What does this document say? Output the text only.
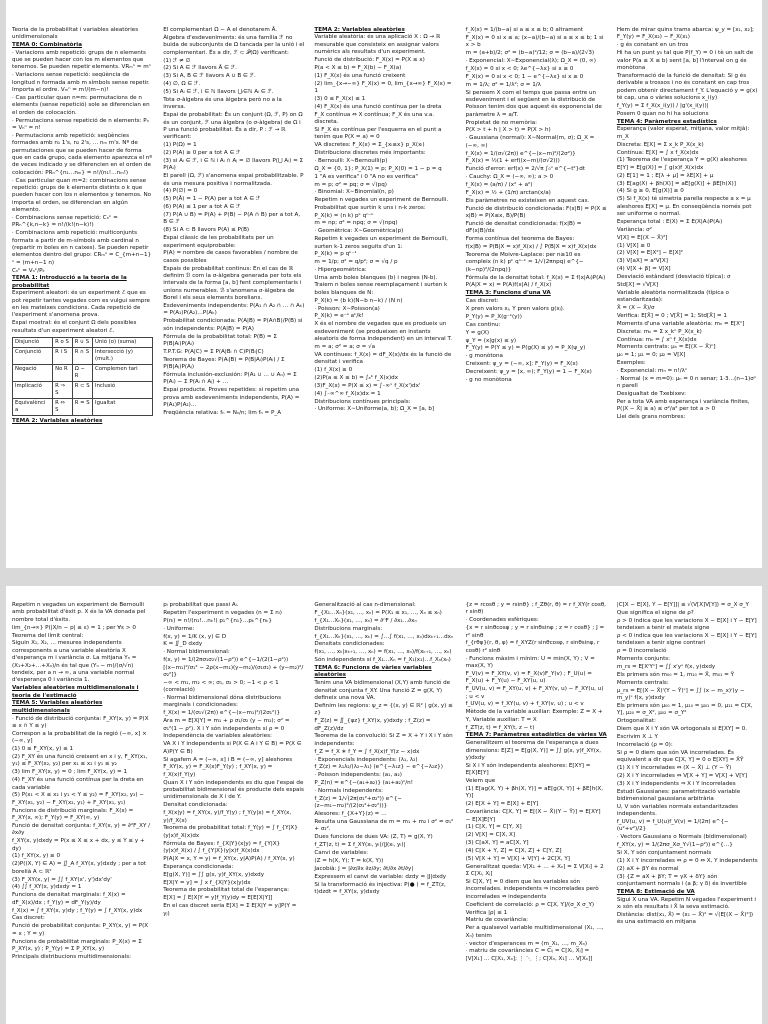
Teoria de la probabilitat i variables aleatòries unidimensionals

TEMA 0: Combinatòria

· Variacions amb repetició: grups de n elements que se pueden hacer con los m elementos que tenemos. Se pueden repetir elements. VRₘⁿ = mⁿ

· Variacions sense repetició: seqüència de longitud n formada amb m símbols sense repetir. Importa el ordre. Vₘⁿ = m!/(m−n)!

· Cas particular quan n=m: permutacions de n elements (sense repetició) sole se diferencian en el orden de colocación.

· Permutacions sense repetició de n elements: Pₙ = Vₙⁿ = n!

· Permutacions amb repetició: seqüències formades amb n₁ 1's, n₂ 2's, … nₘ m's. Nº de permutaciones que se pueden hacer de forma que en cada grupo, cada elemento aparezca el nº de veces indicado y se diferencien en el orden de colocación: PRₙ^{n₁…nₘ} = n!/(n₁!…nₘ!)

· Cas particular quan m=2: combinacions sense repetició: grups de k elements distints o k que pueden hacer con los n elementos y tenemos. No importa el orden, se diferencian en algún elemento.

· Combinacions sense repetició: Cₙᵏ = PRₙ^{k,n−k} = n!/(k!(n−k)!)

· Combinacions amb repetició: multiconjunts formats a partir de m-símbols amb cardinal n (repartir m boles en n caixes). Se pueden repetir elementos dentro del grupo: CRₘⁿ = C_{m+n−1}ⁿ = (m+n−1 n)

Cₙᵏ = Vₙᵏ/Pₖ

TEMA 1: Introducció a la teoria de la probabilitat

Experiment aleatori: és un experiment ℰ que es pot repetir tantes vegades com es vulgui sempre en les mateixes condicions. Cada repetició de l'experiment s'anomena prova.

Espai mostral: és el conjunt Ω dels possibles resultats d'un experiment aleatori ℰ.

Disjunció	R o S	R ∪ S	Unió (o) (suma)
Conjunció	R i S	R ∩ S	Intersecció (y)(mult.)
Negació	No R	Ω − R	Complemen tari
Implicació	R ⇒ S	R ⊂ S	Inclusió
Equivalènci a	R ⇔ S	R = S	Igualtat
TEMA 2: Variables aleatòries

El complementari Ω − A el denotarem Ā.

Àlgebra d'esdeveniments: és una família ℱ no buida de subconjunts de Ω tancada per la unió i el complementari. És a dir, ℱ ⊂ 𝒫(Ω) verificant:

(1) ℱ ≠ ∅

(2) Si A ∈ ℱ llavors Ā ∈ ℱ.

(3) Si A, B ∈ ℱ llavors A ∪ B ∈ ℱ.

(4) ∅, Ω ∈ ℱ.

(5) Si Aᵢ ∈ ℱ, i ∈ ℕ llavors ⋃ᵢ∈ℕ Aᵢ ∈ ℱ.

Tota σ-àlgebra és una àlgebra però no a la inversa.

Espai de probabilitat: És un conjunt (Ω, ℱ, P) on Ω és un conjunt, ℱ una àlgebra (o σ-àlgebra) de Ω i P una funció probabilitat. És a dir, P : ℱ → ℝ verificant:

(1) P(Ω) = 1

(2) P(A) ≥ 0 per a tot A ∈ ℱ

(3) si Aᵢ ∈ ℱ, i ∈ ℕ i Aᵢ ∩ Aⱼ = ∅ llavors P(⋃ Aᵢ) = Σ P(Aᵢ)

El parell (Ω, ℱ) s'anomena espai probabilitzable. P és una mesura positiva i normalitzada.

(4) P(∅) = 0

(5) P(Ā) = 1 − P(A) per a tot A ∈ ℱ

(6) P(A) ≤ 1 per a tot A ∈ ℱ

(7) P(A ∪ B) = P(A) + P(B) − P(A ∩ B) per a tot A, B ∈ ℱ

(8) Si A ⊂ B llavors P(A) ≤ P(B)

Espai clàssic de les probabilitats per un experiment equiprobable:

P(A) = nombre de casos favorables / nombre de casos possibles

Espais de probabilitat continus: En el cas de ℝ definim ℬ com la σ-àlgebra generada per tots els intervals de la forma [a, b] fent complementaris i unions numerables. ℬ s'anomena σ-àlgebra de Borel i els seus elements borelians.

Esdeveniments independents: P(A₁ ∩ A₂ ∩ … ∩ Aₖ) = P(A₁)P(A₂)…P(Aₖ)

Probabilitat condicionada: P(A|B) = P(A∩B)/P(B) si són independents: P(A|B) = P(A)

Fórmula de la probabilitat total: P(B) = Σ P(B|Aᵢ)P(Aᵢ)

T.P.T.G: P(A|C) = Σ P(A|Bᵢ ∩ C)P(Bᵢ|C)

Teorema de Bayes: P(Aᵢ|B) = P(B|Aᵢ)P(Aᵢ) / Σ P(B|Aⱼ)P(Aⱼ)

Fórmula inclusión-exclusión: P(A₁ ∪ … ∪ Aₙ) = Σ P(Aᵢ) − Σ P(Aᵢ ∩ Aⱼ) + …

Espai producte. Proves repetides: si repetim una prova amb esdeveniments independents, P(A) = P(A₁)P(A₂)…

Freqüència relativa: fₙ = Nₙ/n; lim fₙ = P_A

TEMA 2: Variables aleatòries

Variable aleatòria: és una aplicació X : Ω → ℝ mesurable que consisteix en assignar valors numèrics als resultats d'un experiment.

Funció de distribució: F_X(x) = P(X ≤ x)

P(a < X ≤ b) = F_X(b) − F_X(a)

(1) F_X(x) és una funció creixent

(2) lim_{x→−∞} F_X(x) = 0, lim_{x→∞} F_X(x) = 1

(3) 0 ≤ F_X(x) ≤ 1

(4) F_X(x) és una funció contínua per la dreta

F_X contínua ⇔ X contínua; F_X és una v.a. discreta.

Si F_X és contínua per l'esquerra en el punt a tenim que P(X = a) = 0

VA discretes: F_X(x) = Σ_{xᵢ≤x} p_X(xᵢ)

Distribucions discretes més importants:

· Bernoulli: X∼Bernoulli(p)

Ω_X = {0, 1}; P_X(1) = p; P_X(0) = 1 − p = q

1 "A es verifica" i 0 "A no es verifica"

m = p; σ² = pq; σ = √(pq)

· Binomial: X∼Binomial(n, p)

Repetim n vegades un experiment de Bernoulli. Probabilitat que surtin k uns i n-k zeros:

P_X(k) = (n k) pᵏ qⁿ⁻ᵏ

m = np; σ² = npq; σ = √(npq)

· Geomètrica: X∼Geomètrica(p)

Repetim k vegades un experiment de Bernoulli, surten k-1 zeros seguits d'un 1:

P_X(k) = p qᵏ⁻¹

m = 1/p; σ² = q/p²; σ = √q / p

· Hipergeomètrica:

Urna amb boles blanques (b) i negres (N-b). Traiem n boles sense reemplaçament i surten k boles blanques de N:

P_X(k) = (b k)(N−b n−k) / (N n)

· Poisson: X∼Poisson(a)

P_X(k) = e⁻ᵃ aᵏ/k!

X és el nombre de vegades que es produeix un esdeveniment (se produeixen en instants aleatoris de forma independent) en un interval T.

m = a; σ² = a; σ = √a

VA contínues: f_X(x) = dF_X(x)/dx és la funció de densitat i verifica

(1) f_X(x) ≥ 0

(2)P(a ≤ X ≤ b) = ∫ₐᵇ f_X(x)dx

(3)F_X(x) = P(X ≤ x) = ∫₋∞ˣ f_X(x')dx'

(4) ∫₋∞^∞ f_X(x)dx = 1

Distribucions contínues principals:

· Uniforme: X∼Uniforme(a, b); Ω_X = [a, b]

f_X(x) = 1/(b−a) si a ≤ x ≤ b; 0 altrament

F_X(x) = 0 si x ≤ a; (x−a)/(b−a) si a ≤ x ≤ b; 1 si x > b

m = (a+b)/2; σ² = (b−a)²/12; σ = (b−a)/(2√3)

· Exponencial: X∼Exponencial(λ); Ω_X = (0, ∞)

f_X(x) = 0 si x < 0; λe^{−λx} si x ≥ 0

F_X(x) = 0 si x < 0; 1 − e^{−λx} si x ≥ 0

m = 1/λ; σ² = 1/λ²; σ = 1/λ

Si pensem X com el temps que passa entre un esdeveniment i el següent en la distribució de Poisson tenim dos que aquest és exponencial de paràmetre λ = a/T.

Propietat de no memòria:

P(X > t + h | X > t) = P(X > h)

· Gaussiana (normal): X∼Normal(m, σ); Ω_X = (−∞, ∞)

f_X(x) = 1/(σ√(2π)) e^{−(x−m)²/(2σ²)}

F_X(x) = ½(1 + erf((x−m)/(σ√2)))

Funció d'error: erf(x) = 2/√π ∫₀ˣ e^{−t²}dt

· Cauchy: Ω_X = (−∞, ∞); a > 0

f_X(x) = (a/π) / (x² + a²)

F_X(x) = ½ + (1/π) arctan(x/a)

Els paràmetres no existeixen en aquest cas.

Funció de distribució condicionada: F(x|B) = P(X ≤ x|B) = P(X≤x, B)/P(B)

Funció de densitat condicionada: f(x|B) = dF(x|B)/dx

Forma contínua del teorema de Bayes:

f(x|B) = P(B|X = x)f_X(x) / ∫ P(B|X = x)f_X(x)dx

Teorema de Moivre-Laplace: per n≥10 es compleix (n k) pᵏ qⁿ⁻ᵏ ≈ 1/√(2πnpq) e^{−(k−np)²/(2npq)}

Fórmula de la densitat total: f_X(x) = Σ f(x|Aᵢ)P(Aᵢ)

P(A|X = x) = P(A)f(x|A) / f_X(x)

TEMA 3: Funcions d'una VA

Cas discret:

X pren valors xⱼ, Y pren valors g(xⱼ).

P_Y(y) = P_X(g⁻¹(y))

Cas continu:

Y = g(X)

ψ_Y = (x|g(x) ≤ y)

F_Y(y) = P(Y ≤ y) = P(g(X) ≤ y) = P_X(ψ_y)

· g monòtona

Creixent: ψ_y = (−∞, x]; F_Y(y) = F_X(x)

Decreixent: ψ_y = [x, ∞); F_Y(y) = 1 − F_X(x)

· g no monòtona

Hem de mirar quins trams abarca: ψ_y = [x₁, x₂]; F_Y(y) = F_X(x₂) − F_X(x₁)

· g és constant en un tros

Hi ha un punt y₀ tal que P(f_Y) = 0 i tè un salt de valor P(a ≤ X ≤ b) sent [a, b] l'interval on g és monòtona

Transformació de la funció de densitat: Si g és derivable a trossos i no és constant en cap tros podem obtenir directament f_Y. L'equació y = g(x) té cap, una o vàries solucions x_i(y)

f_Y(y) = Σ f_X(x_i(y)) / |g'(x_i(y))|

Posem 0 quan no hi ha solucions

TEMA 4: Paràmetres estadístics

Esperança (valor esperat, mitjana, valor mitjà): m_X

Discreta: E[X] = Σ x_k P_X(x_k)

Contínua: E[X] = ∫ x f_X(x)dx

(1) Teorema de l'esperança Y = g(X) aleshores E[Y] = E[g(X)] = ∫ g(x)f_X(x)dx

(2) E[1] = 1 ; E[λ + μ] = λE[X] + μ

(3) E[ag(X) + βh(X)] = aE[g(X)] + βE[h(X)]

(4) Si g ≥ 0, E[g(X)] ≥ 0

(5) Si f_X(x) té simetria parella respecte a x = μ aleshores E[X] = μ. En conseqüència només pot ser uniforme o normal.

Esperança total : E(X) = Σ E(X|Aᵢ)P(Aᵢ)

Variància: σ²

V[X] = E[(X − X̄)²]

(1) V[X] ≥ 0

(2) V[X] = E[X²] − E[X]²

(3) V[aX] = a²V[X]

(4) V[X + β] = V[X]

Desviació estàndard (desviació típica): σ

Std[X] = √V[X]

Variable aleatòria normalitzada (típica o estandaritzada):

X̂ = (X − X̄)/σ

Verifica: E[X̂] = 0 ; V[X̂] = 1; Std[X̂] = 1

Moments d'una variable aleatòria: mₙ = E[Xⁿ]

Discreta: mₙ = Σ x_kⁿ P_X(x_k)

Contínua: mₙ = ∫ xⁿ f_X(x)dx

Moments centrats: μₙ = E[(X − X̄)ⁿ]

μ₀ = 1; μ₁ = 0; μ₂ = V[X]

Exemples:

· Exponencial: mₙ = n!/λⁿ

· Normal (x = m=0): μₙ = 0 n senar; 1·3…(n−1)σⁿ n parell

Desigualtat de Txebixev:

Per a tota VA amb esperança i variància finites, P(|X − X̄| ≥ a) ≤ σ²/a² per tot a > 0

Llei dels grans nombres:

Repetim n vegades un experiment de Bernoulli amb probabilitat d'èxit p. X és la VA donada pel nombre total d'èxits.

lim_{n→∞} P(|X/n − p| ≤ ε) = 1 ; per ∀ε > 0

Teorema del límit central:

Siguin X₁, X₂, … mesures independents corresponents a una variable aleatòria X d'esperança m i variància σ. La mitjana Yₙ = (X₁+X₂+…+Xₙ)/n és tal que (Yₙ − m)/(σ/√n) tendeix, per a n → ∞, a una variable normal d'esperança 0 i variància 1.

Variables aleatòries multidimensionals i teoria de l'estimació

TEMA 5: Variables aleatòries multidimensionals

· Funció de distribució conjunta: F_XY(x, y) = P(X ≤ x ∩ Y ≤ y)

Correspon a la probabilitat de la regió (−∞, x] × (−∞, y]

(1) 0 ≤ F_XY(x, y) ≤ 1

(2) F_XY és una funció creixent en x i y, F_XY(x₁, y₁) ≤ F_XY(x₂, y₂) per x₁ ≤ x₂ i y₁ ≤ y₂

(3) lim F_XY(x, y) = 0 ; lim F_XY(x, y) = 1

(4) F_XY és una funció contínua per la dreta en cada variable

(5) P(x₁ < X ≤ x₂ i y₁ < Y ≤ y₂) = F_XY(x₂, y₂) − F_XY(x₁, y₂) − F_XY(x₂, y₁) + F_XY(x₁, y₁)

Funcions de distribució marginals: F_X(x) = F_XY(x, ∞); F_Y(y) = F_XY(∞, y)

Funció de densitat conjunta: f_XY(x, y) = ∂²F_XY / ∂x∂y

f_XY(x, y)dxdy = P(x ≤ X ≤ x + dx, y ≤ Y ≤ y + dy)

(1) f_XY(x, y) ≥ 0

(2)P((X, Y) ∈ A) = ∬_A f_XY(x, y)dxdy ; per a tot borelià A ⊂ ℝ²

(3) F_XY(x, y) = ∫∫ f_XY(x', y')dx'dy'

(4) ∫∫ f_XY(x, y)dxdy = 1

Funcions de densitat marginals: f_X(x) = dF_X(x)/dx ; f_Y(y) = dF_Y(y)/dy

f_X(x) = ∫ f_XY(x, y)dy ; f_Y(y) = ∫ f_XY(x, y)dx

Cas discret:

Funció de probabilitat conjunta: P_XY(x, y) = P(X = x ; Y = y)

Funcions de probabilitat marginals: P_X(x) = Σ P_XY(x, y) ; P_Y(y) = Σ P_XY(x, y)

Principals distribucions multidimensionals:

pᵢ probabilitat que passi Aᵢ.

Repetim l'experiment n vegades (n = Σ nᵢ)

P(nᵢ) = n!/(n₁!…nₖ!) p₁^{n₁}…pₖ^{nₖ}

· Uniforme:

f(x, y) = 1/K (x, y) ∈ D

K = ∬_D dxdy

· Normal bidimensional:

f(x, y) = 1/(2πσ₁σ₂√(1−ρ²)) e^{−1/(2(1−ρ²))[(x−m₁)²/σ₁² − 2ρ(x−m₁)(y−m₂)/(σ₁σ₂) + (y−m₂)²/σ₂²]}

−∞ < m₁, m₂ < ∞; σ₁, σ₂ > 0; −1 < ρ < 1 (correlació)

· Normal bidimensional dóna distribucions marginals i condicionades:

f_X(x) = 1/(σ₁√(2π)) e^{−(x−m₁)²/(2σ₁²)}

Ara m = E[X|Y] = m₁ + ρ σ₁/σ₂ (y − m₂); σ² = σ₁²(1 − ρ²). X i Y són independents si ρ = 0

Independència de variables aleatòries:

VA X i Y independents si P(X ∈ A i Y ∈ B) = P(X ∈ A)P(Y ∈ B)

Si agafem A = (−∞, x] i B = (−∞, y] aleshores

F_XY(x, y) = F_X(x)F_Y(y) ; f_XY(x, y) = f_X(x)f_Y(y)

Quan X i Y són independents es diu que l'espai de probabilitat bidimensional és producte dels espais unidimensionals de X i de Y.

Densitat condicionada:

f_X(x|y) = f_XY(x, y)/f_Y(y) ; f_Y(y|x) = f_XY(x, y)/f_X(x)

Teorema de probabilitat total: f_Y(y) = ∫ f_{Y|X}(y|x)f_X(x)dx

Fórmula de Bayes: f_{X|Y}(x|y) = f_{Y|X}(y|x)f_X(x) / ∫ f_{Y|X}(y|x)f_X(x)dx

P(A|X = x, Y = y) = f_XY(x, y|A)P(A) / f_XY(x, y)

Esperança condicionada:

E[g(X, Y)] = ∫∫ g(x, y)f_XY(x, y)dxdy

E[X|Y = y] = ∫ x f_{X|Y}(x|y)dx

Teorema de probabilitat total de l'esperança:

E[X] = ∫ E[X|Y = y]f_Y(y)dy = E[E[X|Y]]

En el cas discret seria E[X] = Σ E[X|Y = yⱼ]P(Y = yⱼ)

Generalització al cas n-dimensional:

F_{X₁…Xₙ}(x₁, …, xₙ) = P(X₁ ≤ x₁, …, Xₙ ≤ xₙ)

f_{X₁…Xₙ}(x₁, …, xₙ) = ∂ⁿF / ∂x₁…∂xₙ

Distribucions marginals:

f_{X₁…Xₖ}(x₁, …, xₖ) = ∫…∫ f(x₁, …, xₙ)dxₖ₊₁…dxₙ

Densitats condicionades:

f(x₁, …, xₖ|xₖ₊₁, …, xₙ) = f(x₁, …, xₙ)/f(xₖ₊₁, …, xₙ)

Són independents si f_X₁…Xₙ = f_X₁(x₁)…f_Xₙ(xₙ)

TEMA 6: Funcions de vàries variables aleatòries

Tenim una VA bidimensional (X,Y) amb funció de densitat conjunta f_XY. Una funció Z = g(X, Y) defineix una nova VA.

Definim les regions: ψ_z = {(x, y) ∈ ℝ² | g(x, y) ≤ z}

F_Z(z) = ∬_{ψz} f_XY(x, y)dxdy ; f_Z(z) = dF_Z(z)/dz

Teorema de la convolució: Si Z = X + Y i X i Y són independents:

f_Z = f_X ∗ f_Y = ∫ f_X(x)f_Y(z − x)dx

· Exponencials independents: (λ₁, λ₂)

f_Z(z) = λ₁λ₂/(λ₂−λ₁) (e^{−λ₁z} − e^{−λ₂z})

· Poisson independents: (a₁, a₂)

P_Z(n) = e^{−(a₁+a₂)} (a₁+a₂)ⁿ/n!

· Normals independents:

f_Z(z) = 1/√(2π(σ₁²+σ₂²)) e^{−(z−m₁−m₂)²/(2(σ₁²+σ₂²))}

Alesores: f_{X+Y}(z) = …

Resulta una Gaussiana de m = m₁ + m₂ i σ² = σ₁² + σ₂².

Dues funcions de dues VA: (Z, T) = g(X, Y)

f_ZT(z, t) = Σ f_XY(xᵢ, yᵢ)/|J(xᵢ, yᵢ)|

Canvi de variables:

(Z = h(X, Y); T = k(X, Y))

Jacobià: J = |∂z/∂x ∂z/∂y; ∂t/∂x ∂t/∂y|

Expressem el canvi de variable: dzdy = |J|dxdy

Si la transformació és injectiva: P(● ) = f_ZT(z, t)dzdt = f_XY(x, y)dxdy

{z = rcosθ ; y = rsinθ} ; f_Zθ(r, θ) = r f_XY(r cosθ, r sinθ)

· Coordenades esfèriques:

{x = r sinθcosφ ; y = r sinθsinφ ; z = r cosθ} ; J = r² sinθ

f_{rθφ}(r, θ, φ) = f_XYZ(r sinθcosφ, r sinθsinφ, r cosθ) r² sinθ

· Funcions màxim i mínim: U = min(X, Y) ; V = max(X, Y)

F_V(v) = F_XY(v, v) = F_X(v)F_Y(v) ; F_U(u) = F_X(u) + F_Y(u) − F_XY(u, u)

F_UV(u, v) = F_XY(u, v) + F_XY(v, u) − F_XY(u, u) ; u < v

f_UV(u, v) = f_XY(u, v) + f_XY(v, u) ; u < v

Mètode de la variable auxiliar: Exemple: Z = X + Y, Variable auxiliar: T = X

f_ZT(z, t) = f_XY(t, z − t)

TEMA 7: Paràmetres estadístics de vàries VA

Generalitzem el teorema de l'esperança a dues dimensions: E[Z] = E[g(X, Y)] = ∫∫ g(x, y)f_XY(x, y)dxdy

Si X i Y són independents aleshores: E[XY] = E[X]E[Y]

Veiem que

(1) E[ag(X, Y) + βh(X, Y)] = aE[g(X, Y)] + βE[h(X, Y)]

(2) E[X + Y] = E[X] + E[Y]

Covariància: C[X, Y] = E[(X − X̄)(Y − Ȳ)] = E[XY] − E[X]E[Y]

(1) C[X, Y] = C[Y, X]

(2) V[X] = C[X, X]

(3) C[aX, Y] = aC[X, Y]

(4) C[X + Y, Z] = C[X, Z] + C[Y, Z]

(5) V[X + Y] = V[X] + V[Y] + 2C[X, Y]

Generalitzat queda: V[X₁ + … + Xₙ] = Σ V[Xᵢ] + 2 Σ C[Xᵢ, Xⱼ]

Si C[X, Y] = 0 diem que les variables són incorrelades. independents ⇒ incorrelades però incorrelades ⇏ independents

Coeficient de correlació: ρ = C[X, Y]/(σ_X σ_Y)

Verifica |ρ| ≤ 1

Matriu de covariància:

Per a qualsevol variable multidimensional (X₁, …, Xₙ) tenim

· vector d'esperances m = (m_X₁, …, m_Xₙ)

· matriu de covariàncies C = Cᵢⱼ = C[Xᵢ, Xⱼ] = [V[X₁] … C[X₁, Xₙ]; ⋮ ⋱ ⋮; C[Xₙ, X₁] … V[Xₙ]]

|C[X − E[X], Y − E[Y]]| ≤ √(V[X]V[Y]) = σ_X σ_Y

Que significa el signe de ρ?

ρ > 0 indica que les variacions X − E[X] i Y − E[Y] tendeixen a tenir el mateix signe

ρ < 0 indica que les variacions X − E[X] i Y − E[Y] tendeixen a tenir signe contrari

ρ = 0 incorrelació

Moments conjunts:

m_rs = E[XʳYˢ] = ∫∫ xʳyˢ f(x, y)dxdy

Els primers són m₀₀ = 1, m₁₀ = X̄, m₀₁ = Ȳ

Moments centrals:

μ_rs = E[(X − X̄)ʳ(Y − Ȳ)ˢ] = ∫∫ (x − m_x)ʳ(y − m_y)ˢ f(x, y)dxdy

Els primers són μ₀₀ = 1, μ₁₀ = μ₀₁ = 0, μ₁₁ = C[X, Y], μ₂₀ = σ_X², μ₀₂ = σ_Y²

Ortogonalitat:

Diem que X i Y són VA ortogonals si E[XY] = 0.

Escrivim X ⊥ Y

Incorrelació (ρ = 0):

Si ρ = 0 diem que són VA incorrelades. És equivalent a dir que C[X, Y] = 0 o E[XY] = X̄Ȳ

(1) X i Y incorrelades ⇔ (X − X̄) ⊥ (Y − Ȳ)

(2) X i Y incorrelades ⇔ V[X + Y] = V[X] + V[Y]

(3) X i Y independents ⇒ X i Y incorrelades

Estudi Gaussianes: parametrització variable bidimensional gaussiana arbitrària

U, V són variables normals estandaritzades independents.

f_UV(u, v) = f_U(u)f_V(v) = 1/(2π) e^{−(u²+v²)/2}

· Vectors Gaussians o Normals (bidimensional)

f_XY(x, y) = 1/(2πσ_Xσ_Y√(1−ρ²)) e^{…}

Si X, Y són conjuntament normals

(1) X i Y incorrelades ⇔ ρ = 0 ⇔ X, Y independents

(2) aX + βY és normal

(3) {Z = aX + βY; T = γX + δY} són conjuntament normals i (a β; γ δ) és invertible

TEMA 8: Estimació de VA

Sigui X una VA. Repetim N vegades l'experiment i xᵢ són els resultats i X̄ la seva estimació.

Distància: dist(x₁, X̂) = (x₁ − X̂)² = √(E[(X − X̂)²]) és una estimació en mitjana
